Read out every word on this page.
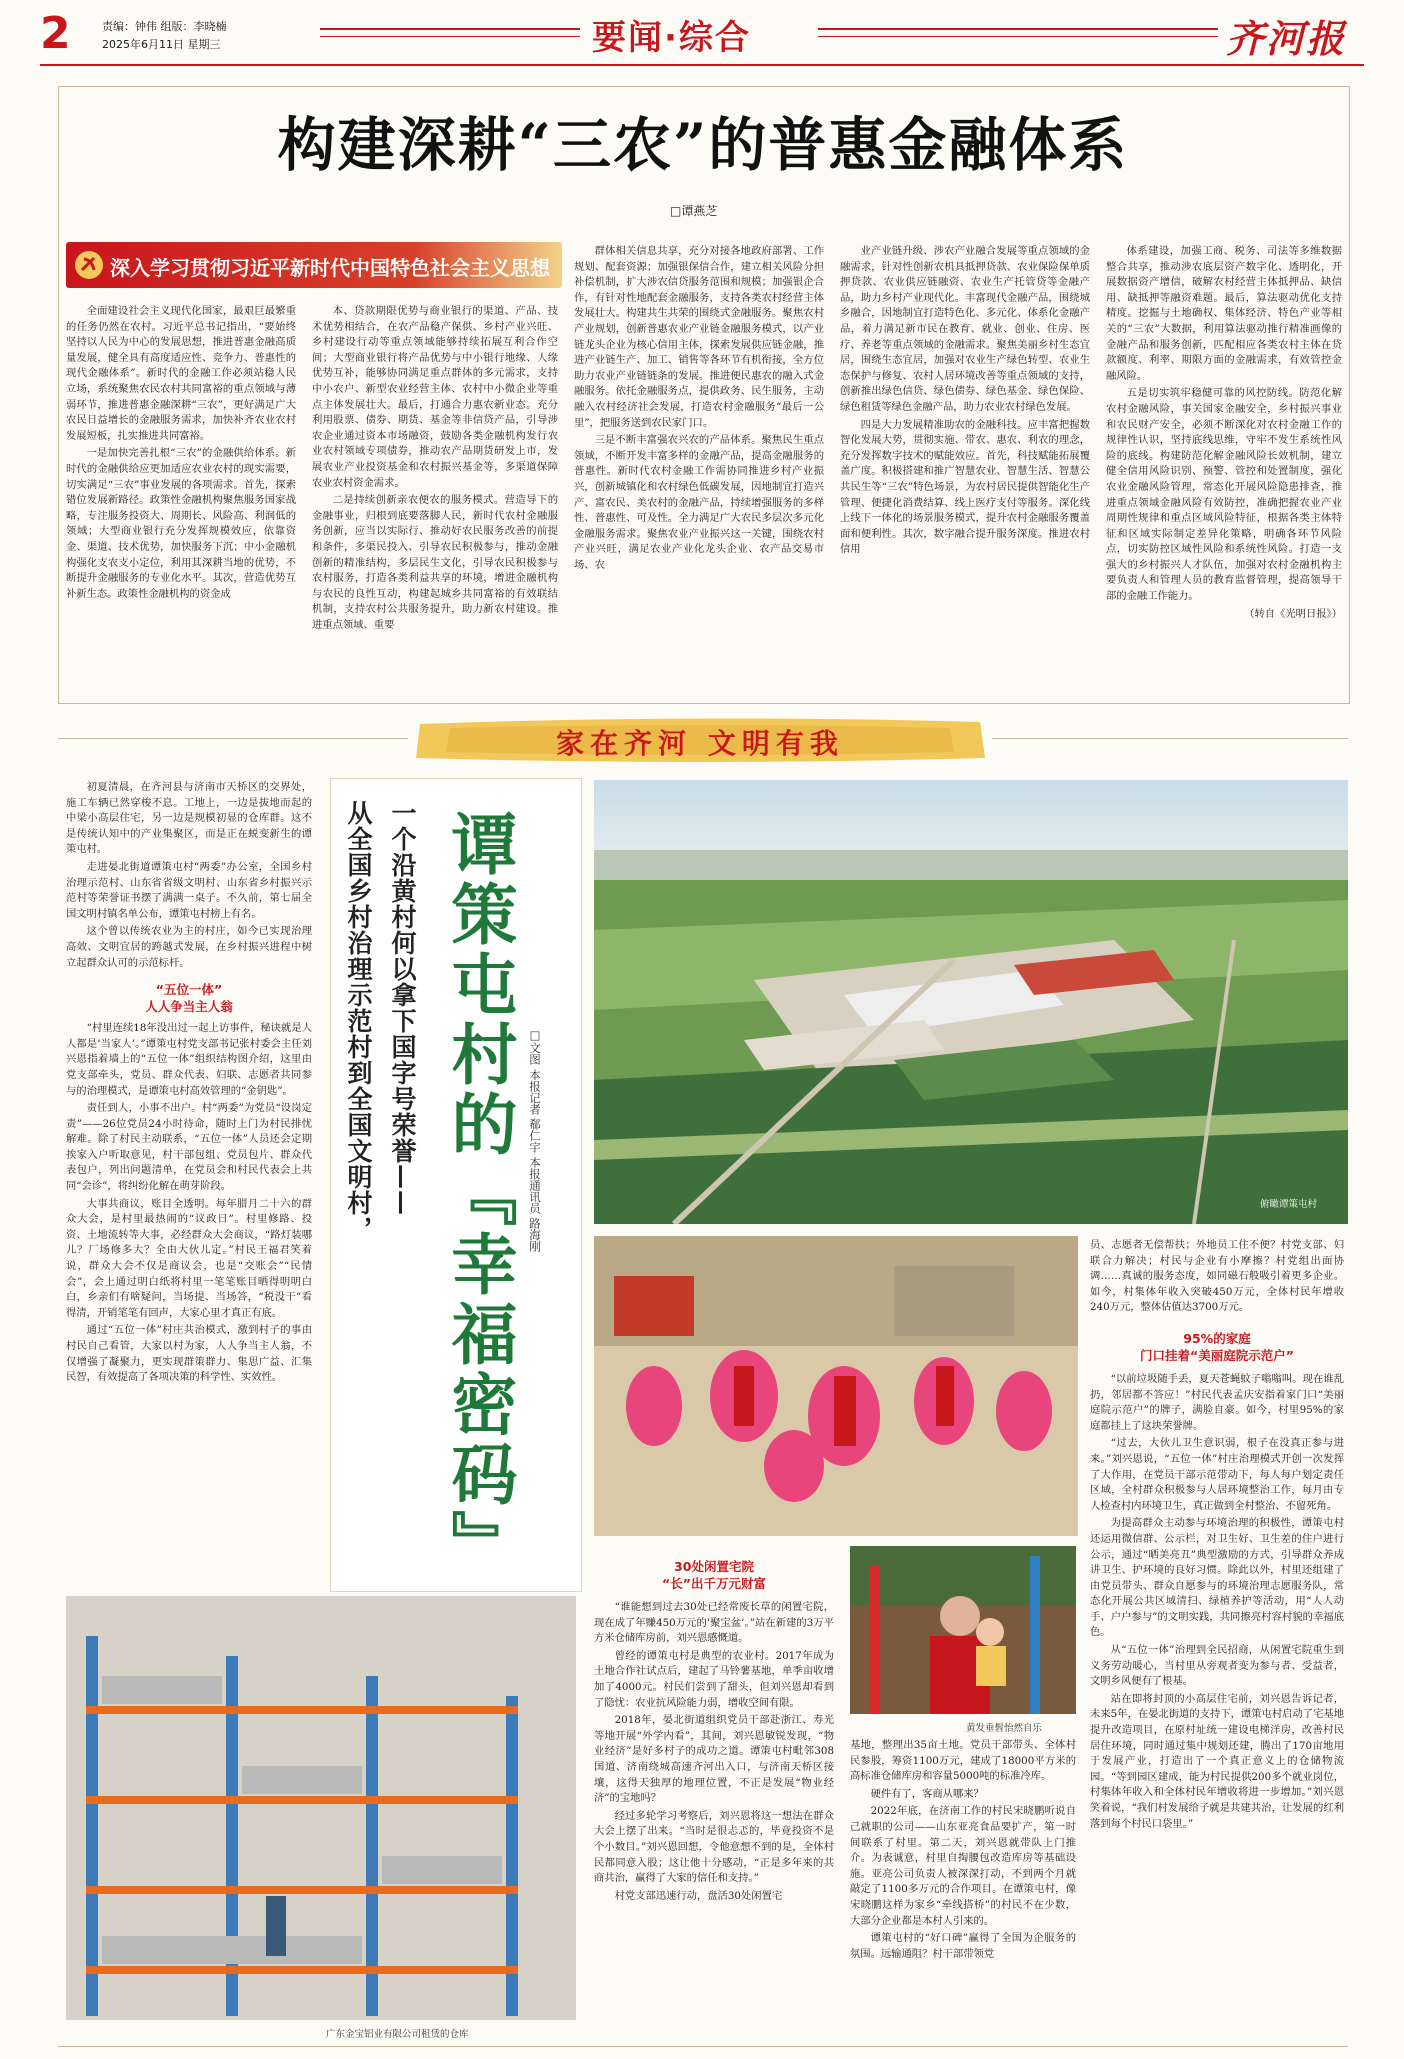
2	责编：钟伟 组版：李晓楠
2025年6月11日 星期三	要闻·综合	齐河报
构建深耕“三农”的普惠金融体系
□谭燕芝
深入学习贯彻习近平新时代中国特色社会主义思想

全面建设社会主义现代化国家，最艰巨最繁重的任务仍然在农村。习近平总书记指出，“要始终坚持以人民为中心的发展思想，推进普惠金融高质量发展，健全具有高度适应性、竞争力、普惠性的现代金融体系”。新时代的金融工作必须站稳人民立场，系统聚焦农民农村共同富裕的重点领域与薄弱环节，推进普惠金融深耕“三农”，更好满足广大农民日益增长的金融服务需求，加快补齐农业农村发展短板，扎实推进共同富裕。

一是加快完善扎根“三农”的金融供给体系。新时代的金融供给应更加适应农业农村的现实需要，切实满足“三农”事业发展的各项需求。首先，探索错位发展新路径。政策性金融机构聚焦服务国家战略，专注服务投资大、周期长、风险高、利润低的领域；大型商业银行充分发挥规模效应，依靠资金、渠道、技术优势，加快服务下沉；中小金融机构强化支农支小定位，利用其深耕当地的优势，不断提升金融服务的专业化水平。其次，营造优势互补新生态。政策性金融机构的资金成

本、贷款期限优势与商业银行的渠道、产品、技术优势相结合，在农产品稳产保供、乡村产业兴旺、乡村建设行动等重点领域能够持续拓展互利合作空间；大型商业银行将产品优势与中小银行地缘、人缘优势互补，能够协同满足重点群体的多元需求，支持中小农户、新型农业经营主体、农村中小微企业等重点主体发展壮大。最后，打通合力惠农新业态。充分利用股票、债券、期货、基金等非信贷产品，引导涉农企业通过资本市场融资，鼓励各类金融机构发行农业农村领域专项债券，推动农产品期货研发上市，发展农业产业投资基金和农村振兴基金等，多渠道保障农业农村资金需求。

二是持续创新亲农便农的服务模式。营造导下的金融事业，归根到底要落脚人民，新时代农村金融服务创新，应当以实际行、推动好农民服务改善的前提和条件，多渠民投入、引导农民积极参与，推动金融创新的精准结构，多层民生文化，引导农民积极参与农村服务，打造各类利益共享的环境，增进金融机构与农民的良性互动，构建起城乡共同富裕的有效联结机制，支持农村公共服务提升，助力新农村建设。推进重点领域、重要

群体相关信息共享，充分对接各地政府部署、工作规划、配套资源；加强银保信合作，建立相关风险分担补偿机制，扩大涉农信贷服务范围和规模；加强银企合作，有针对性地配套金融服务，支持各类农村经营主体发展壮大。构建共生共荣的围绕式金融服务。聚焦农村产业规划，创新普惠农业产业链金融服务模式，以产业链龙头企业为核心信用主体，探索发展供应链金融，推进产业链生产、加工、销售等各环节有机衔接，全方位助力农业产业链链条的发展。推进便民惠农的融入式金融服务。依托金融服务点，提供政务、民生服务，主动融入农村经济社会发展，打造农村金融服务“最后一公里”，把服务送到农民家门口。

三是不断丰富强农兴农的产品体系。聚焦民生重点领域，不断开发丰富多样的金融产品，提高金融服务的普惠性。新时代农村金融工作需协同推进乡村产业振兴，创新城镇化和农村绿色低碳发展，因地制宜打造兴产、富农民、美农村的金融产品，持续增强服务的多样性、普惠性、可及性。全力满足广大农民多层次多元化金融服务需求。聚焦农业产业振兴这一关键，围绕农村产业兴旺，满足农业产业化龙头企业、农产品交易市场、农

业产业链升级、涉农产业融合发展等重点领域的金融需求，针对性创新农机具抵押贷款、农业保险保单质押贷款、农业供应链融资、农业生产托管贷等金融产品，助力乡村产业现代化。丰富现代金融产品，围绕城乡融合，因地制宜打造特色化、多元化、体系化金融产品，着力满足新市民在教育、就业、创业、住房、医疗、养老等重点领域的金融需求。聚焦美丽乡村生态宜居，围绕生态宜居，加强对农业生产绿色转型、农业生态保护与修复、农村人居环境改善等重点领域的支持，创新推出绿色信贷、绿色债券、绿色基金、绿色保险、绿色租赁等绿色金融产品，助力农业农村绿色发展。

四是大力发展精准助农的金融科技。应丰富把握数智化发展大势，贯彻实施、带农、惠农、利农的理念，充分发挥数字技术的赋能效应。首先，科技赋能拓展覆盖广度。积极搭建和推广智慧农业、智慧生活、智慧公共民生等“三农”特色场景，为农村居民提供智能化生产管理、便捷化消费结算、线上医疗支付等服务。深化线上线下一体化的场景服务模式，提升农村金融服务覆盖面和便利性。其次，数字融合提升服务深度。推进农村信用

体系建设，加强工商、税务、司法等多维数据整合共享，推动涉农底层资产数字化、透明化，开展数据资产增信，破解农村经营主体抵押品、缺信用、缺抵押等融资难题。最后，算法驱动优化支持精度。挖掘与土地确权、集体经济、特色产业等相关的“三农”大数据，利用算法驱动推行精准画像的金融产品和服务创新，匹配相应各类农村主体在贷款额度、利率、期限方面的金融需求，有效管控金融风险。

五是切实筑牢稳健可靠的风控防线。防范化解农村金融风险，事关国家金融安全，乡村振兴事业和农民财产安全，必须不断深化对农村金融工作的规律性认识，坚持底线思维，守牢不发生系统性风险的底线。构建防范化解金融风险长效机制，建立健全信用风险识别、预警、管控和处置制度，强化农业金融风险管理，常态化开展风险隐患排查，推进重点领域金融风险有效防控，准确把握农业产业周期性规律和重点区域风险特征，根据各类主体特征和区域实际制定差异化策略，明确各环节风险点，切实防控区域性风险和系统性风险。打造一支强大的乡村振兴人才队伍，加强对农村金融机构主要负责人和管理人员的教育监督管理，提高领导干部的金融工作能力。

（转自《光明日报》）

家在齐河 文明有我

初夏清晨，在齐河县与济南市天桥区的交界处，施工车辆已然穿梭不息。工地上，一边是拔地而起的中梁小高层住宅，另一边是规模初显的仓库群。这不是传统认知中的产业集聚区，而是正在蜕变新生的谭策屯村。

走进晏北街道谭策屯村“两委”办公室，全国乡村治理示范村、山东省省级文明村、山东省乡村振兴示范村等荣誉证书摆了满满一桌子。不久前，第七届全国文明村镇名单公布，谭策屯村榜上有名。

这个曾以传统农业为主的村庄，如今已实现治理高效、文明宜居的跨越式发展，在乡村振兴进程中树立起群众认可的示范标杆。

“五位一体”
人人争当主人翁

“村里连续18年没出过一起上访事件，秘诀就是人人都是‘当家人’。”谭策屯村党支部书记张村委会主任刘兴恩指着墙上的“五位一体”组织结构图介绍，这里由党支部牵头，党员、群众代表、妇联、志愿者共同参与的治理模式，是谭策屯村高效管理的“金钥匙”。

责任到人，小事不出户。村“两委”为党员“设岗定责”——26位党员24小时待命，随时上门为村民排忧解难。除了村民主动联系，“五位一体”人员还会定期挨家入户听取意见，村干部包组、党员包片、群众代表包户，列出问题清单，在党员会和村民代表会上共同“会诊”，将纠纷化解在萌芽阶段。

大事共商议，账目全透明。每年腊月二十六的群众大会，是村里最热闹的“议政日”。村里修路、投资、土地流转等大事，必经群众大会商议，“路灯装哪儿？厂场修多大？全由大伙儿定。”村民王福君笑着说，群众大会不仅是商议会，也是“交账会”“民情会”，会上通过明白纸将村里一笔笔账目晒得明明白白，乡亲们有啥疑问，当场提、当场答，“税没干”看得清，开销笔笔有回声，大家心里才真正有底。

通过“五位一体”村庄共治模式，激到村子的事由村民自己看管，大家以村为家，人人争当主人翁，不仅增强了凝聚力，更实现群策群力、集思广益、汇集民智，有效提高了各项决策的科学性、实效性。

一个沿黄村何以拿下国字号荣誉——
从全国乡村治理示范村到全国文明村， 谭策屯村的『幸福密码』 □文图 本报记者 郗仁宇 本报通讯员 路海刚	俯瞰谭策屯村

员、志愿者无偿帮扶；外地员工住不便？村党支部、妇联合力解决；村民与企业有小摩擦？村党组出面协调……真诚的服务态度，如同磁石般吸引着更多企业。如今，村集体年收入突破450万元，全体村民年增收240万元，整体估值达3700万元。

95%的家庭
门口挂着“美丽庭院示范户”

“以前垃圾随手丢，夏天苍蝇蚊子嗡嗡叫。现在谁乱扔，邻居都不答应！”村民代表孟庆安指着家门口“美丽庭院示范户”的牌子，满脸自豪。如今，村里95%的家庭都挂上了这块荣誉牌。

“过去，大伙儿卫生意识弱，根子在没真正参与进来。”刘兴恩说，“五位一体”村庄治理模式开创一次发挥了大作用，在党员干部示范带动下，每人每户划定责任区域，全村群众积极参与人居环境整治工作，每月由专人检查村内环境卫生，真正做到全村整治、不留死角。

为提高群众主动参与环境治理的积极性，谭策屯村还运用微信群、公示栏，对卫生好、卫生差的住户进行公示，通过“晒美亮丑”典型激励的方式，引导群众养成讲卫生、护环境的良好习惯。除此以外，村里还组建了由党员带头、群众自愿参与的环境治理志愿服务队，常态化开展公共区域清扫、绿植养护等活动，用“人人动手、户户参与”的文明实践，共同擦亮村容村貌的幸福底色。

从“五位一体”治理到全民招商，从闲置宅院重生到义务劳动暖心，当村里从旁观者变为参与者、受益者，文明乡风便有了根基。

站在即将封顶的小高层住宅前，刘兴恩告诉记者，未来5年，在晏北街道的支持下，谭策屯村启动了宅基地提升改造项目，在原村址统一建设电梯洋房，改善村民居住环境，同时通过集中规划还建，腾出了170亩地用于发展产业，打造出了一个真正意义上的仓储物流园。“等到园区建成，能为村民提供200多个就业岗位，村集体年收入和全体村民年增收将进一步增加。”刘兴恩笑着说，“我们村发展给子就是共建共治，让发展的红利落到每个村民口袋里。”

广东金宝铝业有限公司租赁的仓库
30处闲置宅院
“长”出千万元财富

“谁能想到过去30处已经常废长草的闲置宅院，现在成了年赚450万元的‘聚宝盆’。”站在新建的3万平方米仓储库房前，刘兴恩感慨道。

曾经的谭策屯村是典型的农业村。2017年成为土地合作社试点后，建起了马铃薯基地，单季亩收增加了4000元。村民们尝到了甜头，但刘兴恩却看到了隐忧：农业抗风险能力弱，增收空间有限。

2018年，晏北街道组织党员干部赴浙江、寿光等地开展“外学内看”，其间，刘兴恩敏锐发现，“物业经济”是好多村子的成功之道。谭策屯村毗邻308国道、济南绕城高速齐河出入口，与济南天桥区接壤，这得天独厚的地理位置，不正是发展“物业经济”的宝地吗？

经过多轮学习考察后，刘兴恩将这一想法在群众大会上摆了出来。“当时是很忐忑的，毕竟投资不是个小数目。”刘兴恩回想，令他意想不到的是，全体村民都同意入股；这让他十分感动，“正是多年来的共商共治，赢得了大家的信任和支持。”

村党支部迅速行动，盘活30处闲置宅

黄发垂髫怡然自乐

基地，整理出35亩土地。党员干部带头、全体村民参股，筹资1100万元，建成了18000平方米的高标准仓储库房和容量5000吨的标准冷库。

硬件有了，客商从哪来？

2022年底，在济南工作的村民宋晓鹏听说自己就职的公司——山东亚亮食品要扩产，第一时间联系了村里。第二天，刘兴恩就带队上门推介。为表诚意，村里自掏腰包改造库房等基础设施。亚亮公司负责人被深深打动，不到两个月就敲定了1100多万元的合作项目。在谭策屯村，像宋晓鹏这样为家乡“牵线搭桥”的村民不在少数，大部分企业都是本村人引来的。

谭策屯村的“好口碑”赢得了全国为企服务的氛围。远输通阻？村干部带领党
